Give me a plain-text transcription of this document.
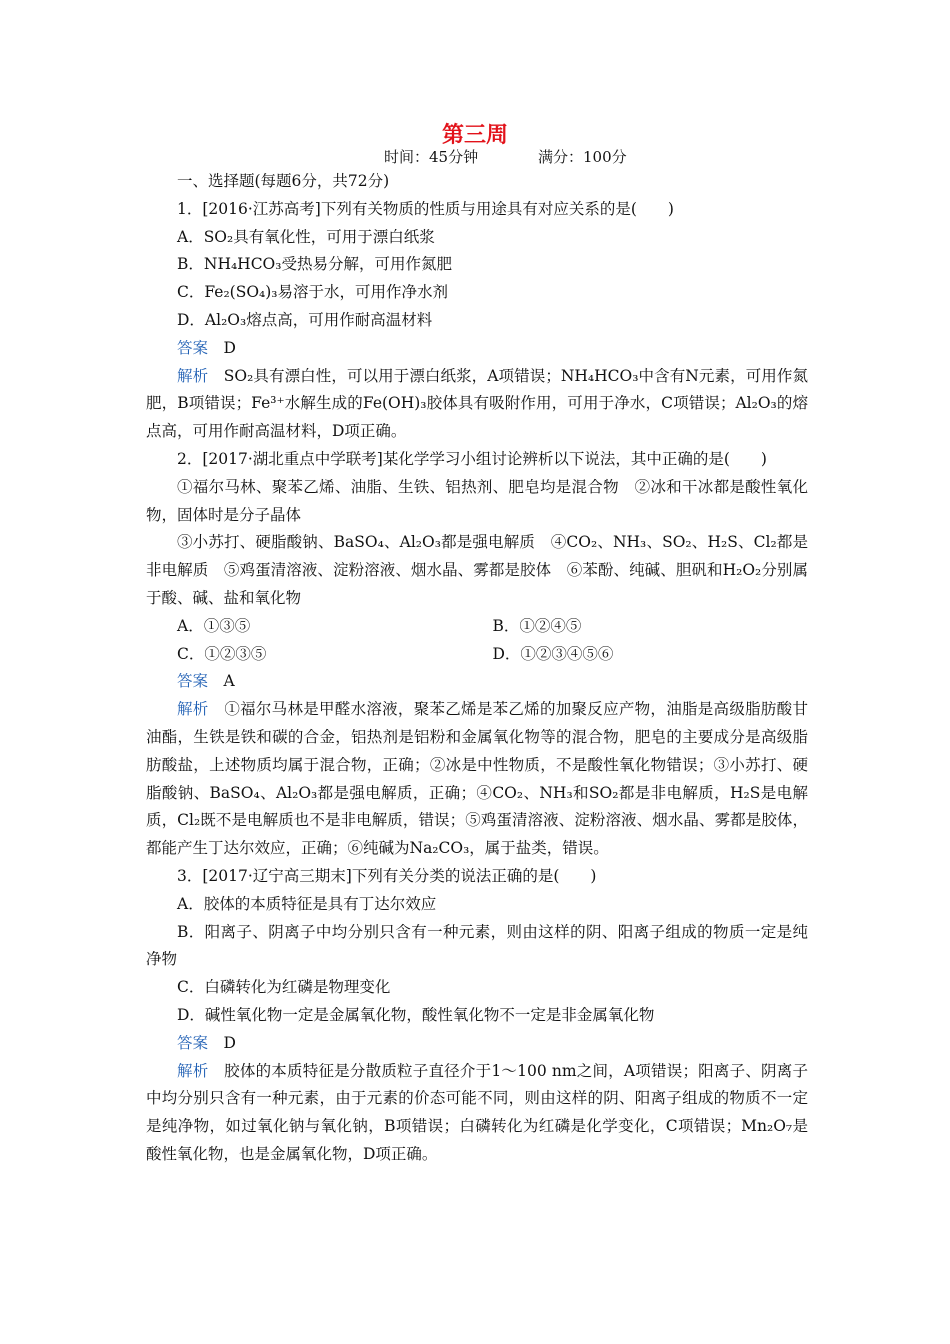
第三周
时间：45分钟	满分：100分

一、选择题(每题6分，共72分)

1．[2016·江苏高考]下列有关物质的性质与用途具有对应关系的是(　　)

A．SO₂具有氧化性，可用于漂白纸浆

B．NH₄HCO₃受热易分解，可用作氮肥

C．Fe₂(SO₄)₃易溶于水，可用作净水剂

D．Al₂O₃熔点高，可用作耐高温材料

答案　 D

解析　 SO₂具有漂白性，可以用于漂白纸浆，A项错误；NH₄HCO₃中含有N元素，可用作氮肥，B项错误；Fe³⁺水解生成的Fe(OH)₃胶体具有吸附作用，可用于净水，C项错误；Al₂O₃的熔点高，可用作耐高温材料，D项正确。

2．[2017·湖北重点中学联考]某化学学习小组讨论辨析以下说法，其中正确的是(　　)

①福尔马林、聚苯乙烯、油脂、生铁、铝热剂、肥皂均是混合物　②冰和干冰都是酸性氧化物，固体时是分子晶体

③小苏打、硬脂酸钠、BaSO₄、Al₂O₃都是强电解质　④CO₂、NH₃、SO₂、H₂S、Cl₂都是非电解质　⑤鸡蛋清溶液、淀粉溶液、烟水晶、雾都是胶体　⑥苯酚、纯碱、胆矾和H₂O₂分别属于酸、碱、盐和氧化物

A．①③⑤	B．①②④⑤
C．①②③⑤	D．①②③④⑤⑥

答案　 A

解析　 ①福尔马林是甲醛水溶液，聚苯乙烯是苯乙烯的加聚反应产物，油脂是高级脂肪酸甘油酯，生铁是铁和碳的合金，铝热剂是铝粉和金属氧化物等的混合物，肥皂的主要成分是高级脂肪酸盐，上述物质均属于混合物，正确；②冰是中性物质，不是酸性氧化物错误；③小苏打、硬脂酸钠、BaSO₄、Al₂O₃都是强电解质，正确；④CO₂、NH₃和SO₂都是非电解质，H₂S是电解质，Cl₂既不是电解质也不是非电解质，错误；⑤鸡蛋清溶液、淀粉溶液、烟水晶、雾都是胶体，都能产生丁达尔效应，正确；⑥纯碱为Na₂CO₃，属于盐类，错误。

3．[2017·辽宁高三期末]下列有关分类的说法正确的是(　　)

A．胶体的本质特征是具有丁达尔效应

B．阳离子、阴离子中均分别只含有一种元素，则由这样的阴、阳离子组成的物质一定是纯净物

C．白磷转化为红磷是物理变化

D．碱性氧化物一定是金属氧化物，酸性氧化物不一定是非金属氧化物

答案　 D

解析　 胶体的本质特征是分散质粒子直径介于1～100 nm之间，A项错误；阳离子、阴离子中均分别只含有一种元素，由于元素的价态可能不同，则由这样的阴、阳离子组成的物质不一定是纯净物，如过氧化钠与氧化钠，B项错误；白磷转化为红磷是化学变化，C项错误；Mn₂O₇是酸性氧化物，也是金属氧化物，D项正确。
